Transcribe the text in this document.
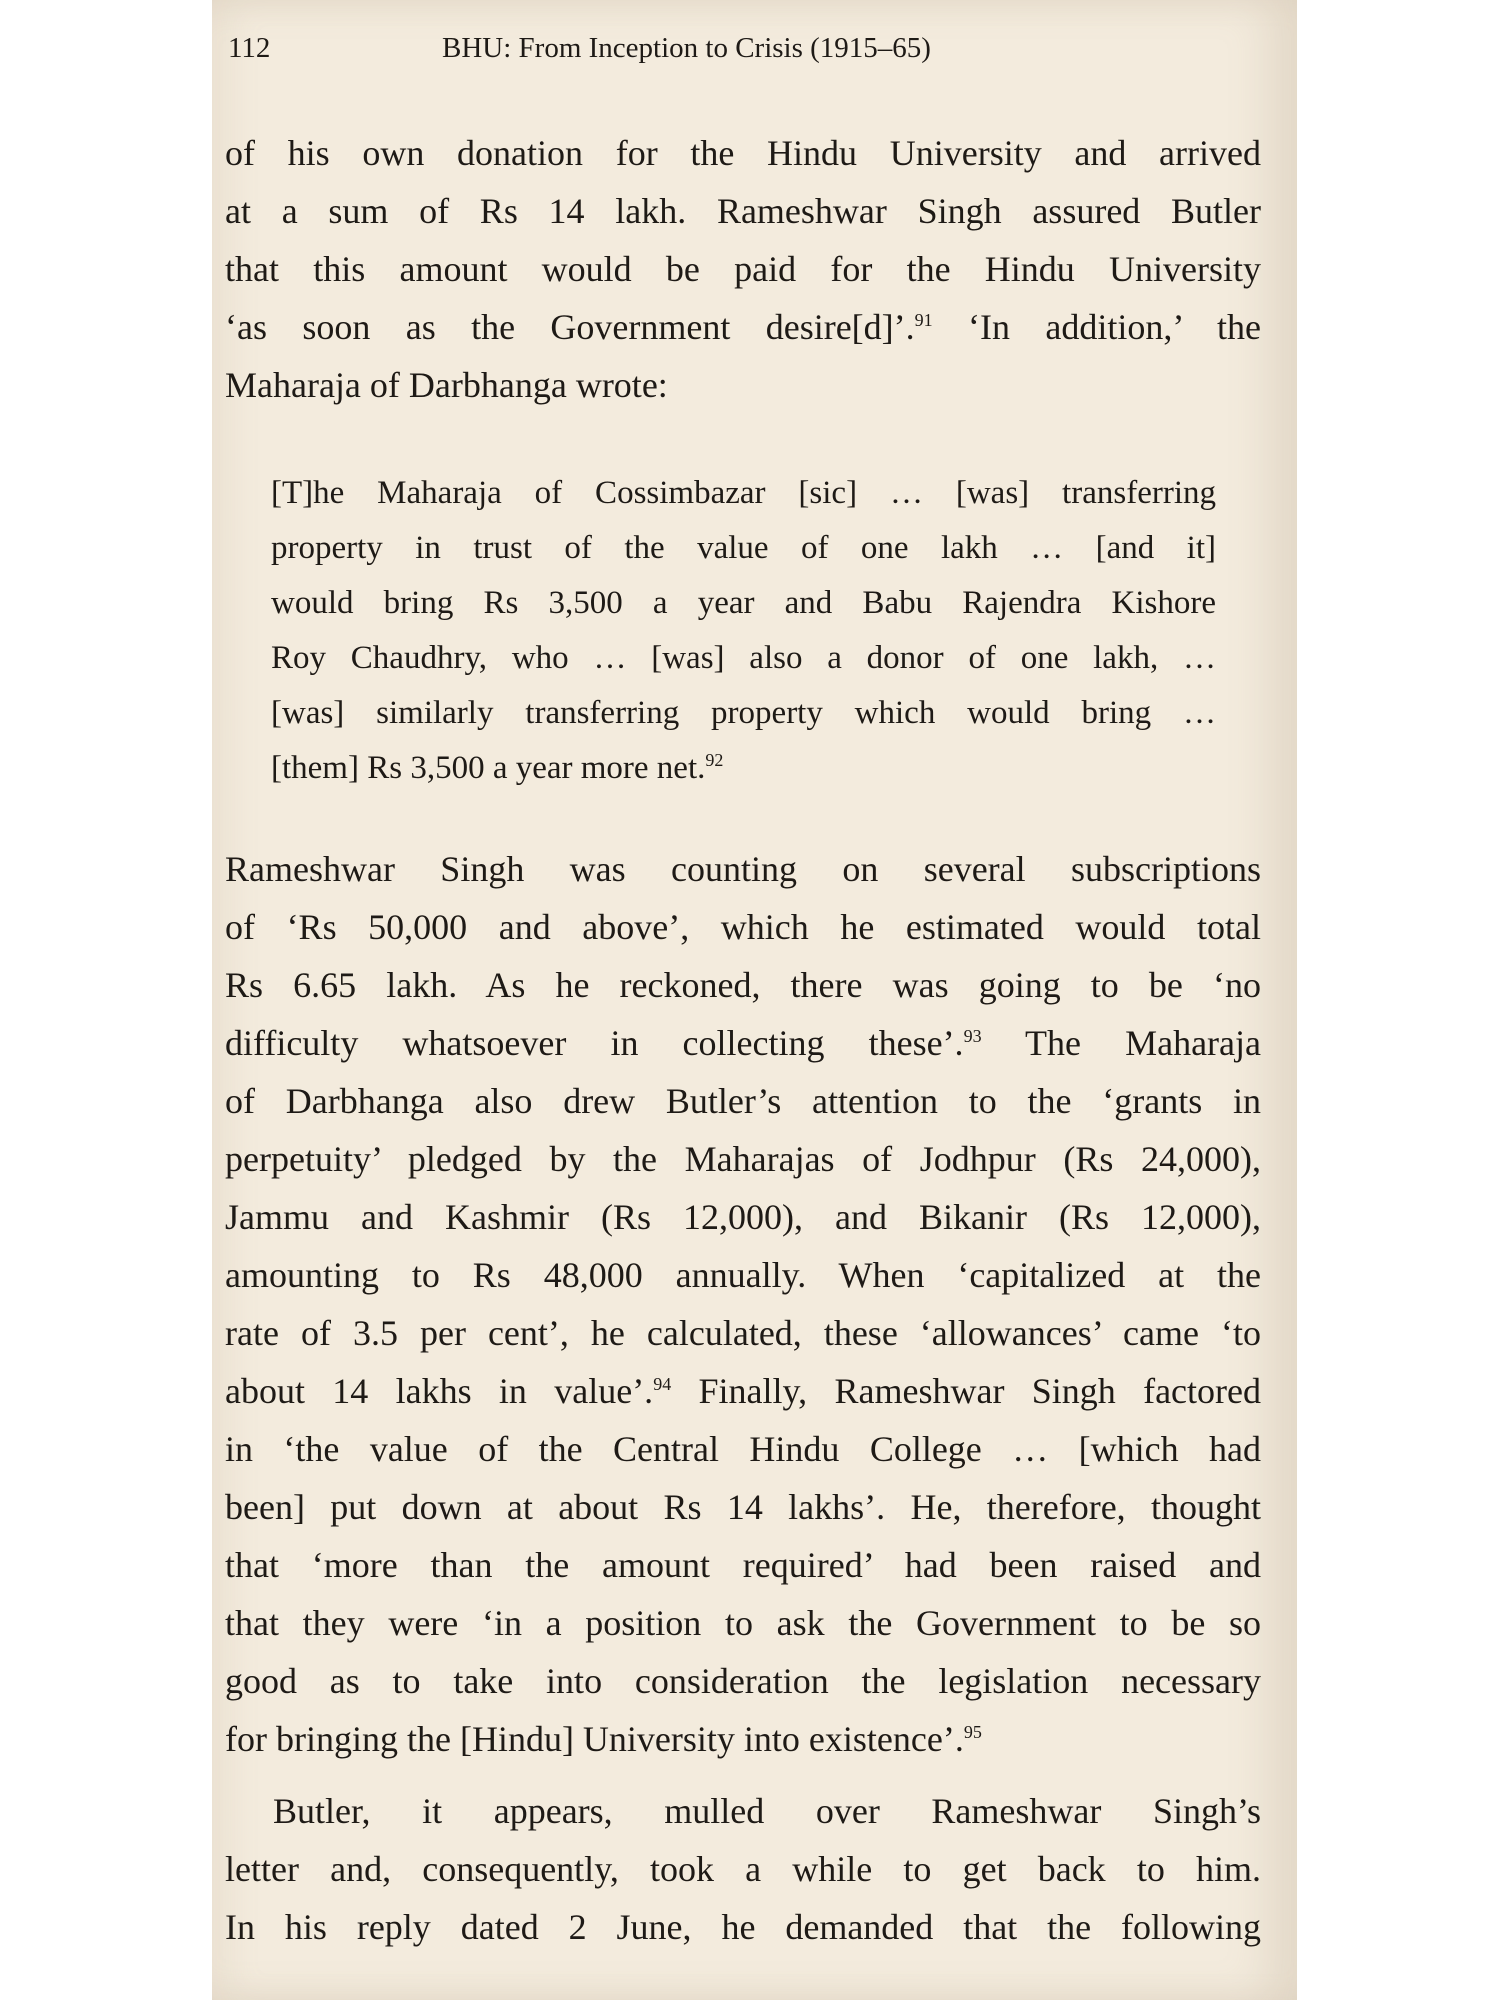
112	BHU: From Inception to Crisis (1915–65)
of his own donation for the Hindu University and arrived
at a sum of Rs 14 lakh. Rameshwar Singh assured Butler
that this amount would be paid for the Hindu University
‘as soon as the Government desire[d]’.$^{91}$ ‘In addition,’ the
Maharaja of Darbhanga wrote:
[T]he Maharaja of Cossimbazar [sic] … [was] transferring
property in trust of the value of one lakh … [and it]
would bring Rs 3,500 a year and Babu Rajendra Kishore
Roy Chaudhry, who … [was] also a donor of one lakh, …
[was] similarly transferring property which would bring …
[them] Rs 3,500 a year more net.$^{92}$
Rameshwar Singh was counting on several subscriptions
of ‘Rs 50,000 and above’, which he estimated would total
Rs 6.65 lakh. As he reckoned, there was going to be ‘no
difficulty whatsoever in collecting these’.$^{93}$ The Maharaja
of Darbhanga also drew Butler’s attention to the ‘grants in
perpetuity’ pledged by the Maharajas of Jodhpur (Rs 24,000),
Jammu and Kashmir (Rs 12,000), and Bikanir (Rs 12,000),
amounting to Rs 48,000 annually. When ‘capitalized at the
rate of 3.5 per cent’, he calculated, these ‘allowances’ came ‘to
about 14 lakhs in value’.$^{94}$ Finally, Rameshwar Singh factored
in ‘the value of the Central Hindu College … [which had
been] put down at about Rs 14 lakhs’. He, therefore, thought
that ‘more than the amount required’ had been raised and
that they were ‘in a position to ask the Government to be so
good as to take into consideration the legislation necessary
for bringing the [Hindu] University into existence’.$^{95}$
Butler, it appears, mulled over Rameshwar Singh’s
letter and, consequently, took a while to get back to him.
In his reply dated 2 June, he demanded that the following
